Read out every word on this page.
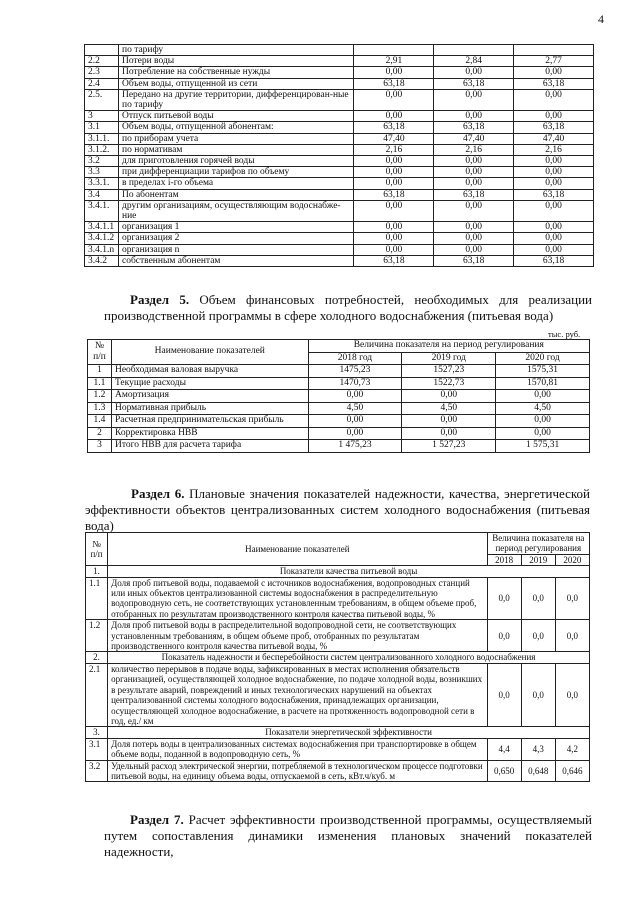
4
	по тарифу			
2.2	Потери воды	2,91	2,84	2,77
2.3	Потребление на собственные нужды	0,00	0,00	0,00
2.4	Объем воды, отпущенной из сети	63,18	63,18	63,18
2.5.	Передано на другие территории, дифференцирован-ные по тарифу	0,00	0,00	0,00
3	Отпуск питьевой воды	0,00	0,00	0,00
3.1	Объем воды, отпущенной абонентам:	63,18	63,18	63,18
3.1.1.	по приборам учета	47,40	47,40	47,40
3.1.2.	по нормативам	2,16	2,16	2,16
3.2	для приготовления горячей воды	0,00	0,00	0,00
3.3	при дифференциации тарифов по объему	0,00	0,00	0,00
3.3.1.	в пределах i-го объема	0,00	0,00	0,00
3.4	По абонентам	63,18	63,18	63,18
3.4.1.	другим организациям, осуществляющим водоснабже-ние	0,00	0,00	0,00
3.4.1.1	организация 1	0,00	0,00	0,00
3.4.1.2	организация 2	0,00	0,00	0,00
3.4.1.n	организация n	0,00	0,00	0,00
3.4.2	собственным абонентам	63,18	63,18	63,18
Раздел 5. Объем финансовых потребностей, необходимых для реализации производственной программы в сфере холодного водоснабжения (питьевая вода)
тыс. руб.
№ п/п	Наименование показателей	Величина показателя на период регулирования		
		2018 год	2019 год	2020 год
1	Необходимая валовая выручка	1475,23	1527,23	1575,31
1.1	Текущие расходы	1470,73	1522,73	1570,81
1.2	Амортизация	0,00	0,00	0,00
1.3	Нормативная прибыль	4,50	4,50	4,50
1.4	Расчетная предпринимательская прибыль	0,00	0,00	0,00
2	Корректировка НВВ	0,00	0,00	0,00
3	Итого НВВ для расчета тарифа	1 475,23	1 527,23	1 575,31
Раздел 6. Плановые значения показателей надежности, качества, энергетической эффективности объектов централизованных систем холодного водоснабжения (питьевая вода)
№ п/п	Наименование показателей	Величина показателя на период регулирования		
		2018	2019	2020
1.	Показатели качества питьевой воды			
1.1	Доля проб питьевой воды, подаваемой с источников водоснабжения, водопроводных станций или иных объектов централизованной системы водоснабжения в распределительную водопроводную сеть, не соответствующих установленным требованиям, в общем объеме проб, отобранных по результатам производственного контроля качества питьевой воды, %	0,0	0,0	0,0
1.2	Доля проб питьевой воды в распределительной водопроводной сети, не соответствующих установленным требованиям, в общем объеме проб, отобранных по результатам производственного контроля качества питьевой воды, %	0,0	0,0	0,0
2.	Показатель надежности и бесперебойности систем централизованного холодного водоснабжения			
2.1	количество перерывов в подаче воды, зафиксированных в местах исполнения обязательств организацией, осуществляющей холодное водоснабжение, по подаче холодной воды, возникших в результате аварий, повреждений и иных технологических нарушений на объектах централизованной системы холодного водоснабжения, принадлежащих организации, осуществляющей холодное водоснабжение, в расчете на протяженность водопроводной сети в год, ед./ км	0,0	0,0	0,0
3.	Показатели энергетической эффективности			
3.1	Доля потерь воды в централизованных системах водоснабжения при транспортировке в общем объеме воды, поданной в водопроводную сеть, %	4,4	4,3	4,2
3.2	Удельный расход электрической энергии, потребляемой в технологическом процессе подготовки питьевой воды, на единицу объема воды, отпускаемой в сеть, кВт.ч/куб. м	0,650	0,648	0,646
Раздел 7. Расчет эффективности производственной программы, осуществляемый путем сопоставления динамики изменения плановых значений показателей надежности,
